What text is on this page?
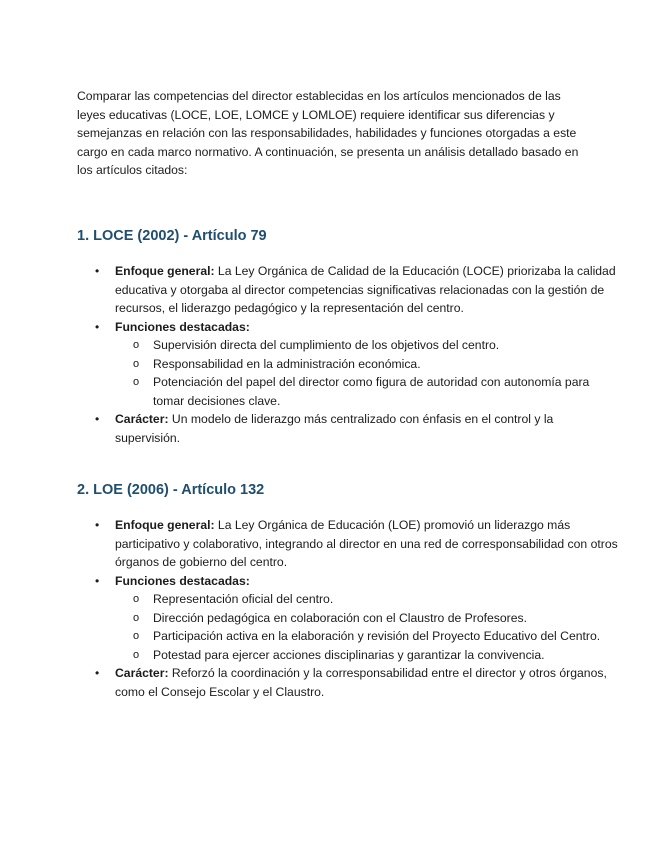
Comparar las competencias del director establecidas en los artículos mencionados de las leyes educativas (LOCE, LOE, LOMCE y LOMLOE) requiere identificar sus diferencias y semejanzas en relación con las responsabilidades, habilidades y funciones otorgadas a este cargo en cada marco normativo. A continuación, se presenta un análisis detallado basado en los artículos citados:

1. LOCE (2002) - Artículo 79
• Enfoque general: La Ley Orgánica de Calidad de la Educación (LOCE) priorizaba la calidad educativa y otorgaba al director competencias significativas relacionadas con la gestión de recursos, el liderazgo pedagógico y la representación del centro.
• Funciones destacadas:
o Supervisión directa del cumplimiento de los objetivos del centro.
o Responsabilidad en la administración económica.
o Potenciación del papel del director como figura de autoridad con autonomía para tomar decisiones clave.
• Carácter: Un modelo de liderazgo más centralizado con énfasis en el control y la supervisión.
2. LOE (2006) - Artículo 132
• Enfoque general: La Ley Orgánica de Educación (LOE) promovió un liderazgo más participativo y colaborativo, integrando al director en una red de corresponsabilidad con otros órganos de gobierno del centro.
• Funciones destacadas:
o Representación oficial del centro.
o Dirección pedagógica en colaboración con el Claustro de Profesores.
o Participación activa en la elaboración y revisión del Proyecto Educativo del Centro.
o Potestad para ejercer acciones disciplinarias y garantizar la convivencia.
• Carácter: Reforzó la coordinación y la corresponsabilidad entre el director y otros órganos, como el Consejo Escolar y el Claustro.
